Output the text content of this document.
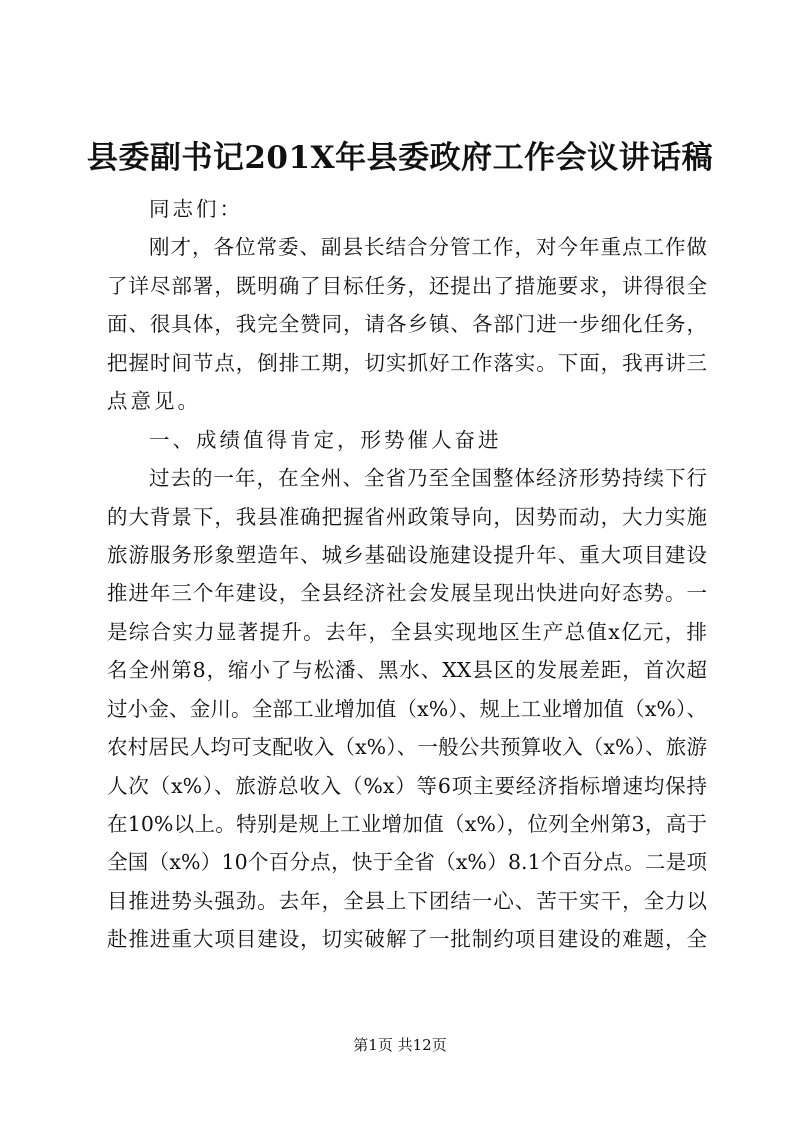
县委副书记201X年县委政府工作会议讲话稿
同志们：
刚才，各位常委、副县长结合分管工作，对今年重点工作做
了详尽部署，既明确了目标任务，还提出了措施要求，讲得很全
面、很具体，我完全赞同，请各乡镇、各部门进一步细化任务，
把握时间节点，倒排工期，切实抓好工作落实。下面，我再讲三
点意见。
一、成绩值得肯定，形势催人奋进
过去的一年，在全州、全省乃至全国整体经济形势持续下行
的大背景下，我县准确把握省州政策导向，因势而动，大力实施
旅游服务形象塑造年、城乡基础设施建设提升年、重大项目建设
推进年三个年建设，全县经济社会发展呈现出快进向好态势。一
是综合实力显著提升。去年，全县实现地区生产总值x亿元，排
名全州第8，缩小了与松潘、黑水、XX县区的发展差距，首次超
过小金、金川。全部工业增加值（x%）、规上工业增加值（x%）、
农村居民人均可支配收入（x%）、一般公共预算收入（x%）、旅游
人次（x%）、旅游总收入（%x）等6项主要经济指标增速均保持
在10%以上。特别是规上工业增加值（x%），位列全州第3，高于
全国（x%）10个百分点，快于全省（x%）8.1个百分点。二是项
目推进势头强劲。去年，全县上下团结一心、苦干实干，全力以
赴推进重大项目建设，切实破解了一批制约项目建设的难题，全
第1页 共12页
